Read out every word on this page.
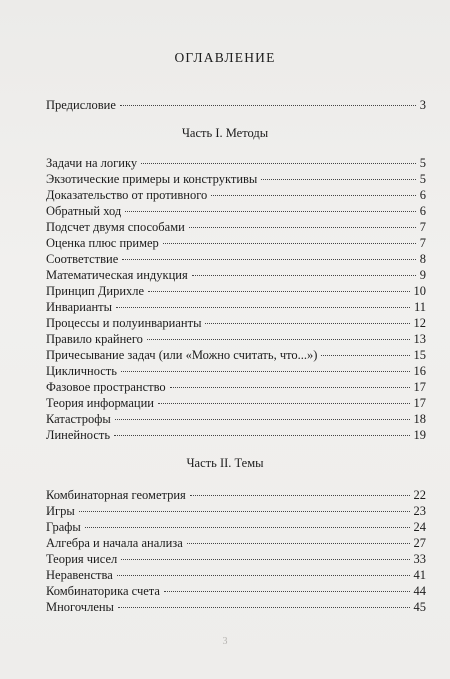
ОГЛАВЛЕНИЕ
Предисловие	3
Часть I. Методы
Задачи на логику	5
Экзотические примеры и конструктивы	5
Доказательство от противного	6
Обратный ход	6
Подсчет двумя способами	7
Оценка плюс пример	7
Соответствие	8
Математическая индукция	9
Принцип Дирихле	10
Инварианты	11
Процессы и полуинварианты	12
Правило крайнего	13
Причесывание задач (или «Можно считать, что...»)	15
Цикличность	16
Фазовое пространство	17
Теория информации	17
Катастрофы	18
Линейность	19
Часть II. Темы
Комбинаторная геометрия	22
Игры	23
Графы	24
Алгебра и начала анализа	27
Теория чисел	33
Неравенства	41
Комбинаторика счета	44
Многочлены	45
3
